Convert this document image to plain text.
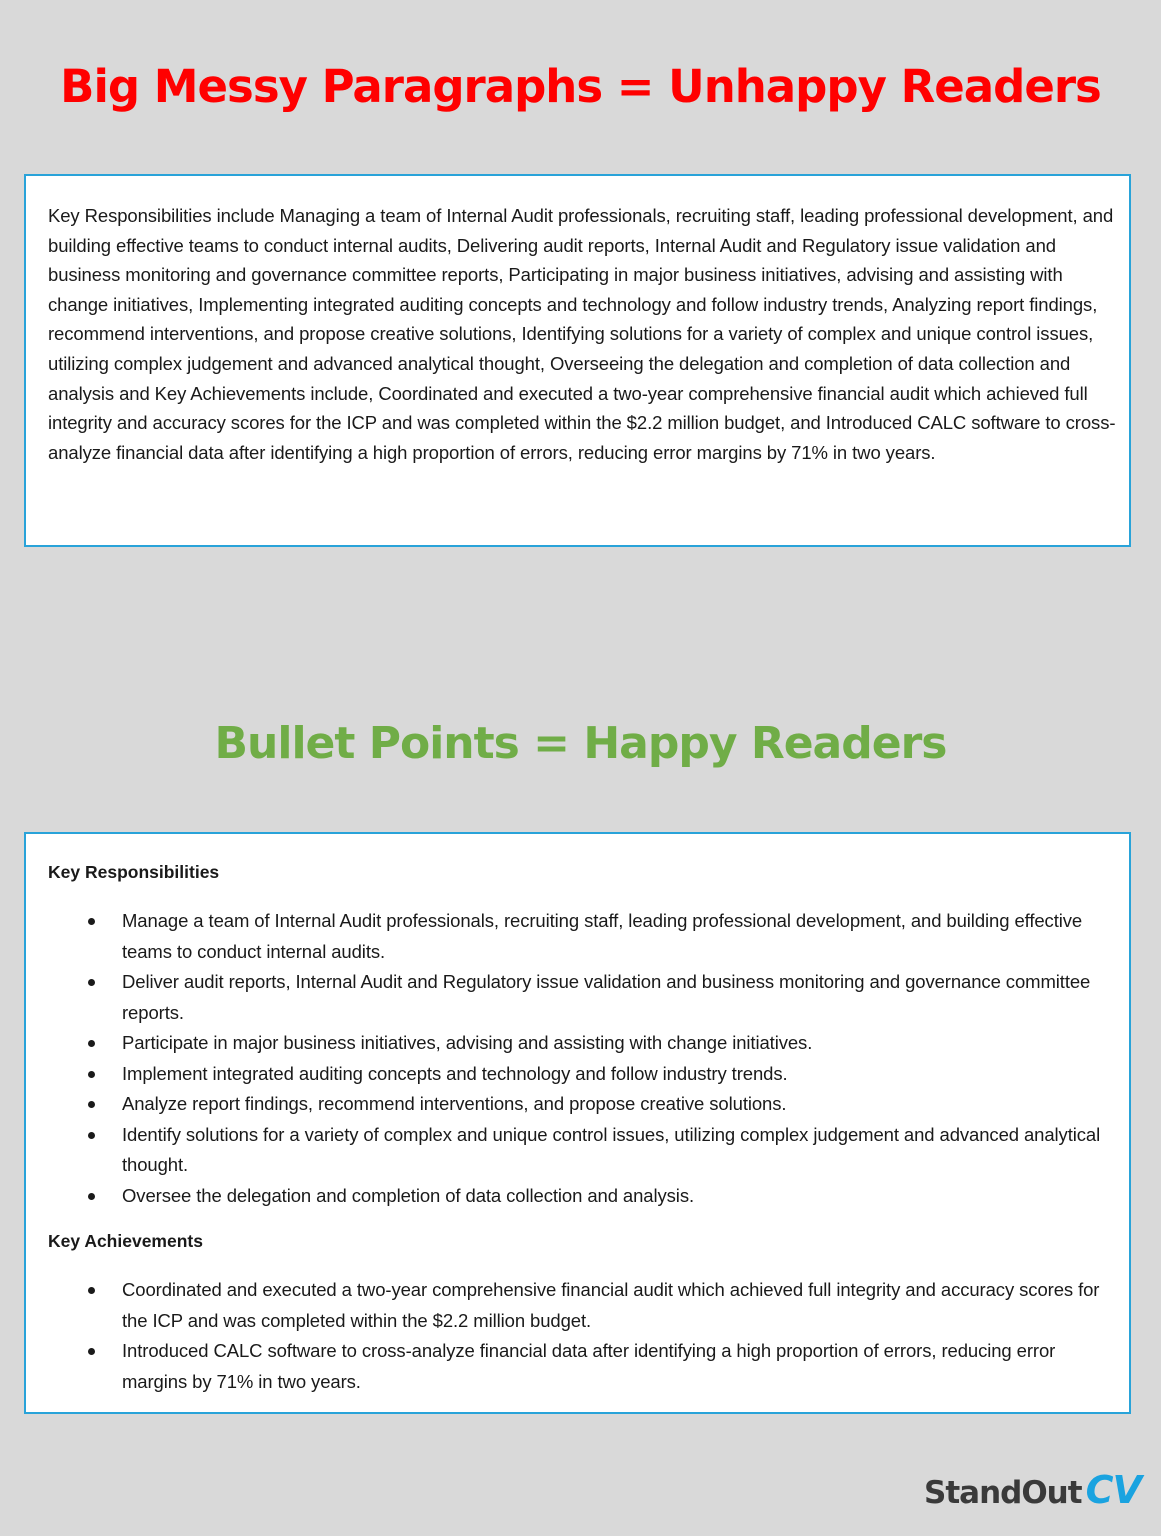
Big Messy Paragraphs = Unhappy Readers

Key Responsibilities include Managing a team of Internal Audit professionals, recruiting staff, leading professional development, and building effective teams to conduct internal audits, Delivering audit reports, Internal Audit and Regulatory issue validation and business monitoring and governance committee reports, Participating in major business initiatives, advising and assisting with change initiatives, Implementing integrated auditing concepts and technology and follow industry trends, Analyzing report findings, recommend interventions, and propose creative solutions, Identifying solutions for a variety of complex and unique control issues, utilizing complex judgement and advanced analytical thought, Overseeing the delegation and completion of data collection and analysis and Key Achievements include, Coordinated and executed a two-year comprehensive financial audit which achieved full integrity and accuracy scores for the ICP and was completed within the $2.2 million budget, and Introduced CALC software to cross-analyze financial data after identifying a high proportion of errors, reducing error margins by 71% in two years.

Bullet Points = Happy Readers

Key Responsibilities

Manage a team of Internal Audit professionals, recruiting staff, leading professional development, and building effective teams to conduct internal audits.
Deliver audit reports, Internal Audit and Regulatory issue validation and business monitoring and governance committee reports.
Participate in major business initiatives, advising and assisting with change initiatives.
Implement integrated auditing concepts and technology and follow industry trends.
Analyze report findings, recommend interventions, and propose creative solutions.
Identify solutions for a variety of complex and unique control issues, utilizing complex judgement and advanced analytical thought.
Oversee the delegation and completion of data collection and analysis.

Key Achievements

Coordinated and executed a two-year comprehensive financial audit which achieved full integrity and accuracy scores for the ICP and was completed within the $2.2 million budget.
Introduced CALC software to cross-analyze financial data after identifying a high proportion of errors, reducing error margins by 71% in two years.
StandOut CV
